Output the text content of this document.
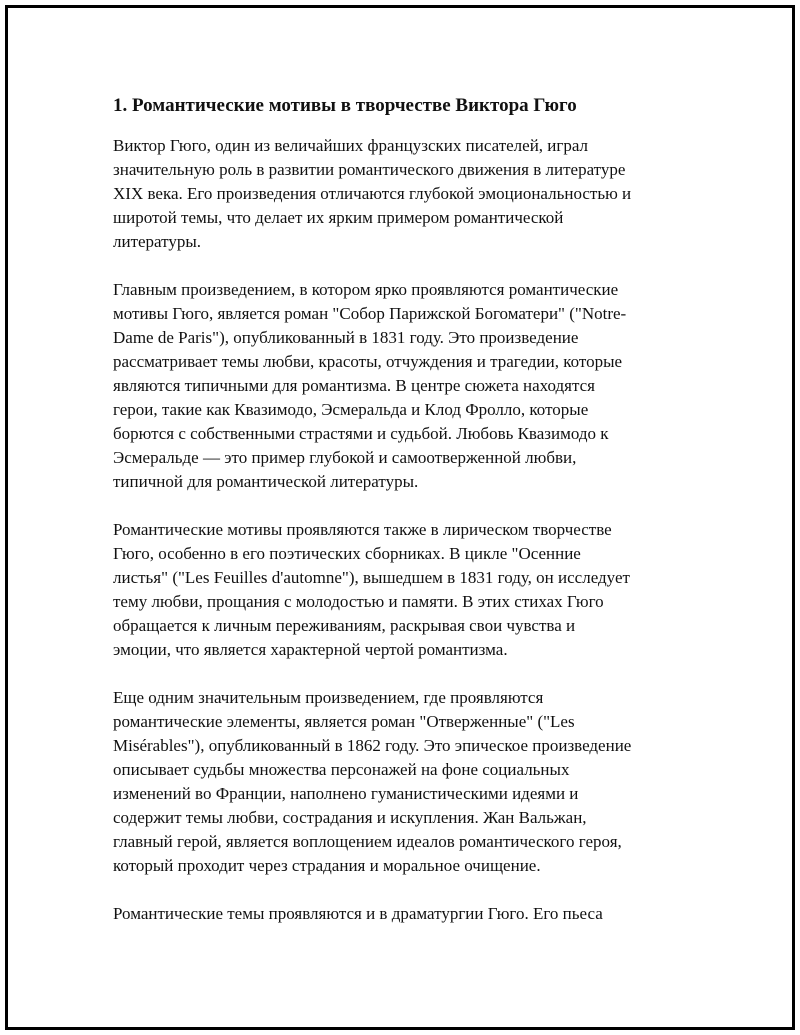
1. Романтические мотивы в творчестве Виктора Гюго

Виктор Гюго, один из величайших французских писателей, играл
значительную роль в развитии романтического движения в литературе
XIX века. Его произведения отличаются глубокой эмоциональностью и
широтой темы, что делает их ярким примером романтической
литературы.

Главным произведением, в котором ярко проявляются романтические
мотивы Гюго, является роман "Собор Парижской Богоматери" ("Notre-
Dame de Paris"), опубликованный в 1831 году. Это произведение
рассматривает темы любви, красоты, отчуждения и трагедии, которые
являются типичными для романтизма. В центре сюжета находятся
герои, такие как Квазимодо, Эсмеральда и Клод Фролло, которые
борются с собственными страстями и судьбой. Любовь Квазимодо к
Эсмеральде — это пример глубокой и самоотверженной любви,
типичной для романтической литературы.

Романтические мотивы проявляются также в лирическом творчестве
Гюго, особенно в его поэтических сборниках. В цикле "Осенние
листья" ("Les Feuilles d'automne"), вышедшем в 1831 году, он исследует
тему любви, прощания с молодостью и памяти. В этих стихах Гюго
обращается к личным переживаниям, раскрывая свои чувства и
эмоции, что является характерной чертой романтизма.

Еще одним значительным произведением, где проявляются
романтические элементы, является роман "Отверженные" ("Les
Misérables"), опубликованный в 1862 году. Это эпическое произведение
описывает судьбы множества персонажей на фоне социальных
изменений во Франции, наполнено гуманистическими идеями и
содержит темы любви, сострадания и искупления. Жан Вальжан,
главный герой, является воплощением идеалов романтического героя,
который проходит через страдания и моральное очищение.

Романтические темы проявляются и в драматургии Гюго. Его пьеса
